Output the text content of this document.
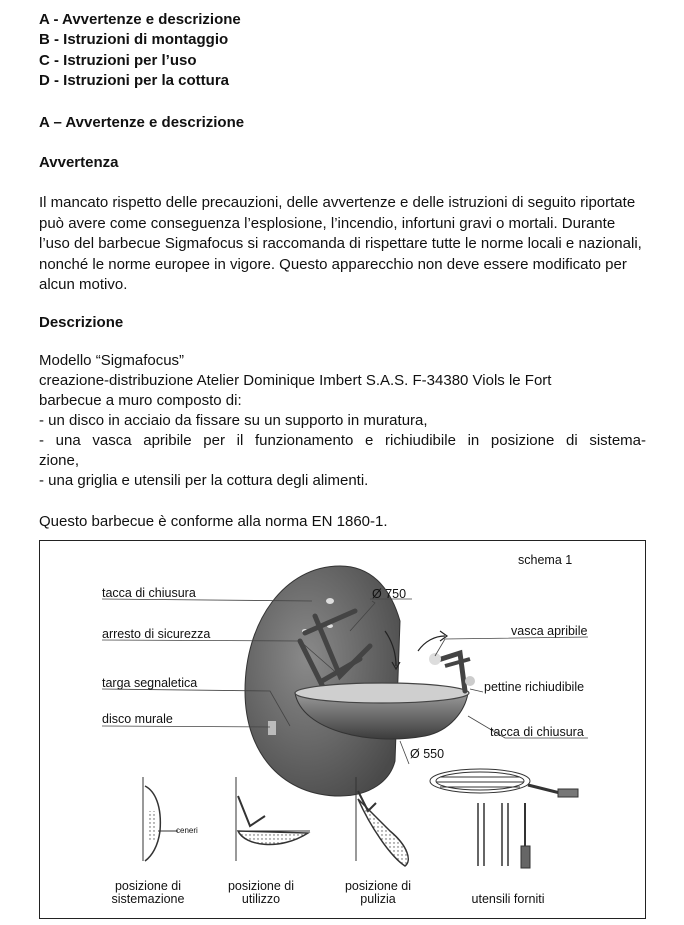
A - Avvertenze e descrizione
B - Istruzioni di montaggio
C - Istruzioni per l’uso
D - Istruzioni per la cottura
A – Avvertenze e descrizione
Avvertenza

Il mancato rispetto delle precauzioni, delle avvertenze e delle istruzioni di seguito riportate può avere come conseguenza l’esplosione, l’incendio, infortuni gravi o mortali. Durante l’uso del barbecue Sigmafocus si raccomanda di rispettare tutte le norme locali e nazionali, nonché le norme europee in vigore. Questo apparecchio non deve essere modificato per alcun motivo.

Descrizione
Modello “Sigmafocus”
creazione-distribuzione Atelier Dominique Imbert S.A.S. F-34380 Viols le Fort
barbecue a muro composto di:
- un disco in acciaio da fissare su un supporto in muratura,
- una vasca apribile per il funzionamento e richiudibile in posizione di sistema-
zione,
- una griglia e utensili per la cottura degli alimenti.
Questo barbecue è conforme alla norma EN 1860-1.
schema 1
tacca di chiusura	Ø 750
arresto di sicurezza	vasca apribile
targa segnaletica	pettine richiudibile
disco murale
tacca di chiusura
Ø 550
ceneri
posizione di
sistemazione
posizione di
utilizzo
posizione di
pulizia	utensili forniti
